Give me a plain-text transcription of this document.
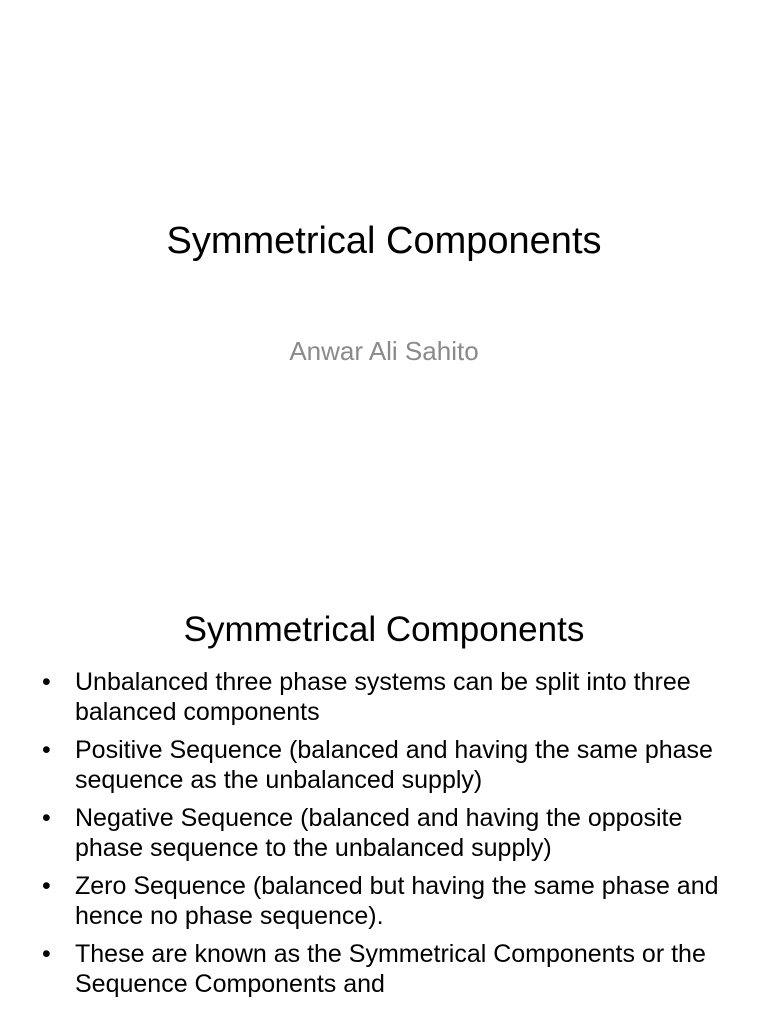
Symmetrical Components

Anwar Ali Sahito

Symmetrical Components
• Unbalanced three phase systems can be split into three balanced components
• Positive Sequence (balanced and having the same phase sequence as the unbalanced supply)
• Negative Sequence (balanced and having the opposite phase sequence to the unbalanced supply)
• Zero Sequence (balanced but having the same phase and hence no phase sequence).
• These are known as the Symmetrical Components or the Sequence Components and
